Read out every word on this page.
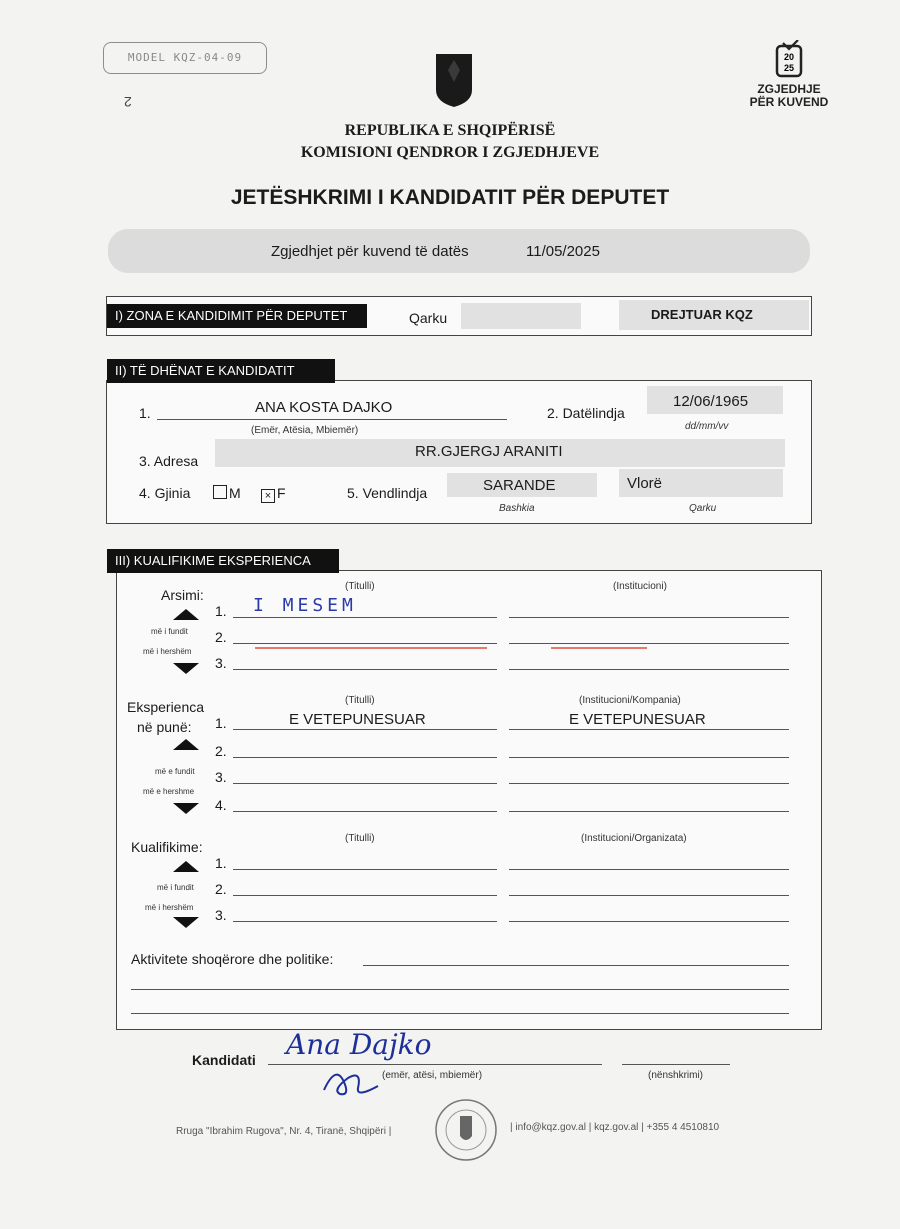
MODEL KQZ-04-09
2
20
25
ZGJEDHJE
PËR KUVEND
REPUBLIKA E SHQIPËRISË
KOMISIONI QENDROR I ZGJEDHJEVE
JETËSHKRIMI I KANDIDATIT PËR DEPUTET
Zgjedhjet për kuvend të datës	11/05/2025
I) ZONA E KANDIDIMIT PËR DEPUTET	Qarku	DREJTUAR KQZ
II) TË DHËNAT E KANDIDATIT
1.	ANA KOSTA DAJKO
(Emër, Atësia, Mbiemër)
2. Datëlindja
12/06/1965
dd/mm/vv
3. Adresa
RR.GJERGJ ARANITI
4. Gjinia	M	× F	5. Vendlindja	SARANDE
Bashkia
Vlorë
Qarku
III) KUALIFIKIME EKSPERIENCA
Arsimi:
(Titulli)	(Institucioni)
më i fundit
më i hershëm
Eksperienca
në punë:
(Titulli)	(Institucioni/Kompania)
më e fundit
më e hershme
Kualifikime:
(Titulli)	(Institucioni/Organizata)
më i fundit
më i hershëm
Aktivitete shoqërore dhe politike:
1. I MESEM
2.
3.
1.	E VETEPUNESUAR	E VETEPUNESUAR
2.
3.
4.
1.
2.
3.
Kandidati Ana Dajko
(emër, atësi, mbiemër)	(nënshkrimi)
Rruga "Ibrahim Rugova", Nr. 4, Tiranë, Shqipëri |	| info@kqz.gov.al | kqz.gov.al | +355 4 4510810
